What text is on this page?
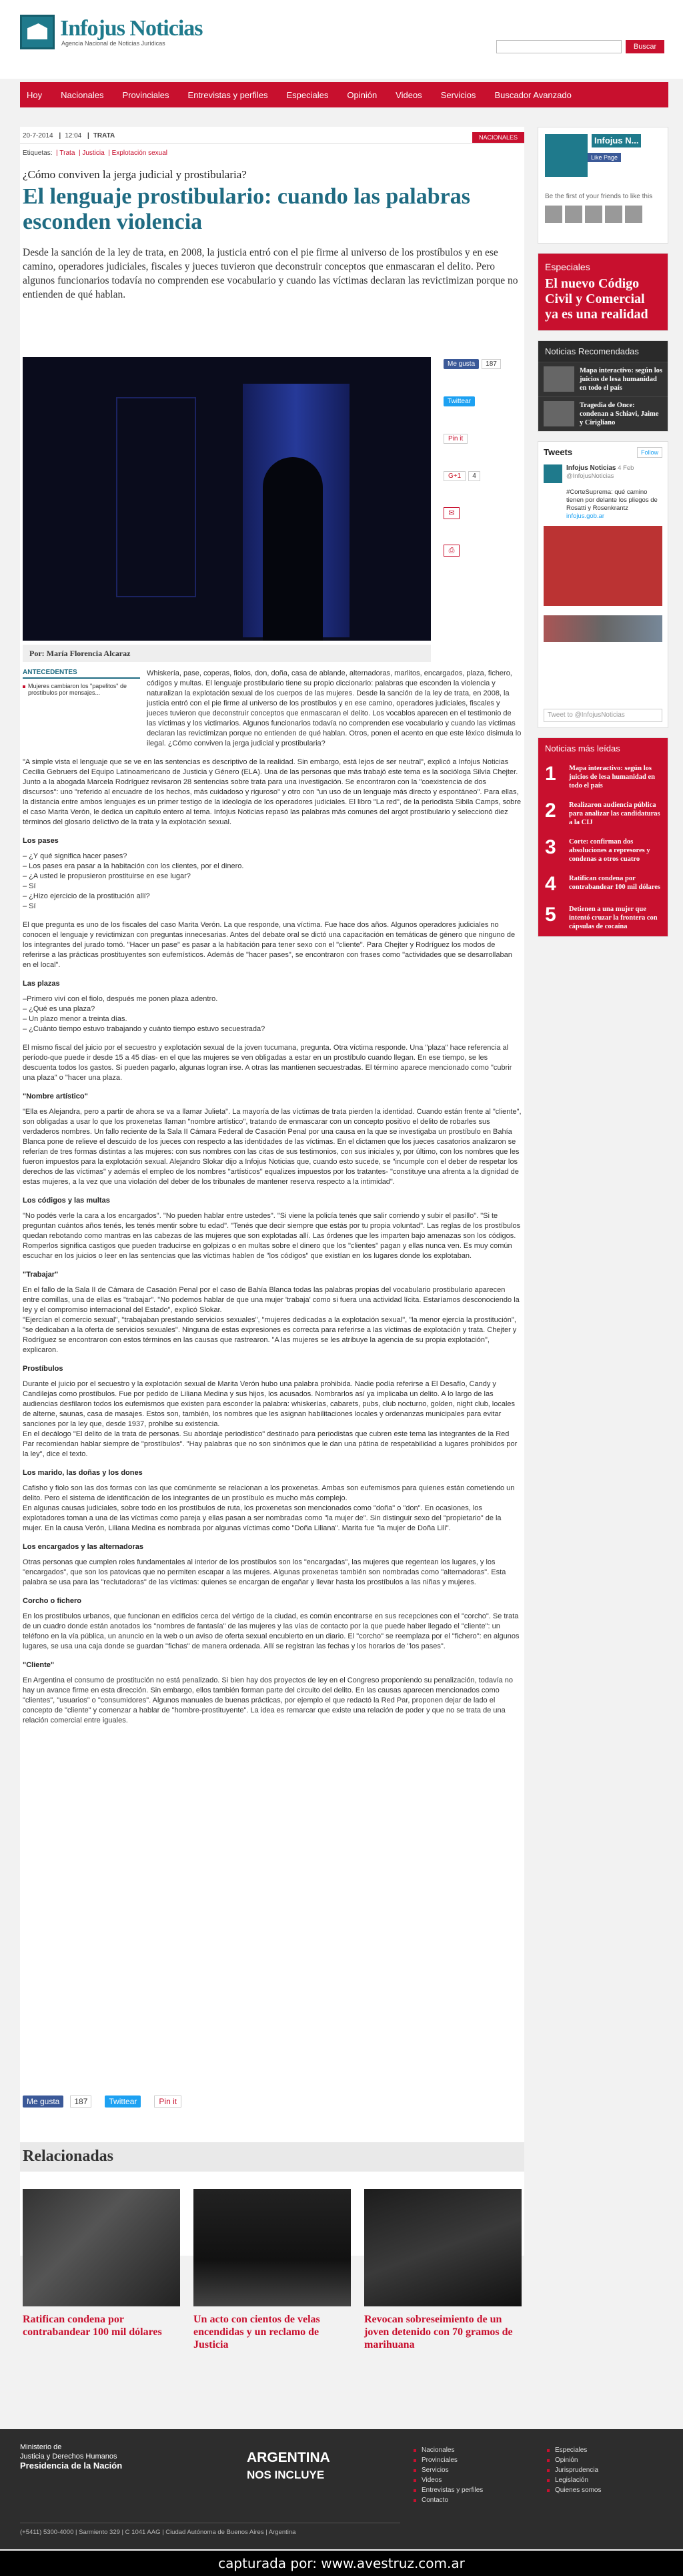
Infojus Noticias
Agencia Nacional de Noticias Jurídicas	Buscar
Hoy Nacionales Provinciales Entrevistas y perfiles Especiales Opinión Videos Servicios Buscador Avanzado
20-7-2014 | 12:04 | TRATA	NACIONALES
Etiquetas:  | Trata  | Justicia  | Explotación sexual
¿Cómo conviven la jerga judicial y prostibularia?
El lenguaje prostibulario: cuando las palabras esconden violencia
Desde la sanción de la ley de trata, en 2008, la justicia entró con el pie firme al universo de los prostíbulos y en ese camino, operadores judiciales, fiscales y jueces tuvieron que deconstruir conceptos que enmascaran el delito. Pero algunos funcionarios todavía no comprenden ese vocabulario y cuando las víctimas declaran las revictimizan porque no entienden de qué hablan.
Me gusta	187
Twittear
Pin it
G+1	4
✉
⎙
Por: María Florencia Alcaraz
ANTECEDENTES
Mujeres cambiaron los "papelitos" de prostíbulos por mensajes...

Whiskería, pase, coperas, fiolos, don, doña, casa de ablande, alternadoras, marlitos, encargados, plaza, fichero, códigos y multas. El lenguaje prostibulario tiene su propio diccionario: palabras que esconden la violencia y naturalizan la explotación sexual de los cuerpos de las mujeres. Desde la sanción de la ley de trata, en 2008, la justicia entró con el pie firme al universo de los prostíbulos y en ese camino, operadores judiciales, fiscales y jueces tuvieron que deconstruir conceptos que enmascaran el delito. Los vocablos aparecen en el testimonio de las víctimas y los victimarios. Algunos funcionarios todavía no comprenden ese vocabulario y cuando las víctimas declaran las revictimizan porque no entienden de qué hablan. Otros, ponen el acento en que este léxico disimula lo ilegal. ¿Cómo conviven la jerga judicial y prostibularia?

"A simple vista el lenguaje que se ve en las sentencias es descriptivo de la realidad. Sin embargo, está lejos de ser neutral", explicó a Infojus Noticias Cecilia Gebruers del Equipo Latinoamericano de Justicia y Género (ELA). Una de las personas que más trabajó este tema es la socióloga Silvia Chejter. Junto a la abogada Marcela Rodríguez revisaron 28 sentencias sobre trata para una investigación. Se encontraron con la "coexistencia de dos discursos": uno "referido al encuadre de los hechos, más cuidadoso y riguroso" y otro con "un uso de un lenguaje más directo y espontáneo". Para ellas, la distancia entre ambos lenguajes es un primer testigo de la ideología de los operadores judiciales. El libro "La red", de la periodista Sibila Camps, sobre el caso Marita Verón, le dedica un capítulo entero al tema. Infojus Noticias repasó las palabras más comunes del argot prostibulario y seleccionó diez términos del glosario delictivo de la trata y la explotación sexual.

Los pases

– ¿Y qué significa hacer pases?
– Los pases era pasar a la habitación con los clientes, por el dinero.
– ¿A usted le propusieron prostituirse en ese lugar?
– Sí
– ¿Hizo ejercicio de la prostitución allí?
– Sí

El que pregunta es uno de los fiscales del caso Marita Verón. La que responde, una víctima. Fue hace dos años. Algunos operadores judiciales no conocen el lenguaje y revictimizan con preguntas innecesarias. Antes del debate oral se dictó una capacitación en temáticas de género que ninguno de los integrantes del jurado tomó. "Hacer un pase" es pasar a la habitación para tener sexo con el "cliente". Para Chejter y Rodríguez los modos de referirse a las prácticas prostituyentes son eufemísticos. Además de "hacer pases", se encontraron con frases como "actividades que se desarrollaban en el local".

Las plazas

–Primero viví con el fiolo, después me ponen plaza adentro.
– ¿Qué es una plaza?
– Un plazo menor a treinta días.
– ¿Cuánto tiempo estuvo trabajando y cuánto tiempo estuvo secuestrada?

El mismo fiscal del juicio por el secuestro y explotación sexual de la joven tucumana, pregunta. Otra víctima responde. Una "plaza" hace referencia al período-que puede ir desde 15 a 45 días- en el que las mujeres se ven obligadas a estar en un prostíbulo cuando llegan. En ese tiempo, se les descuenta todos los gastos. Si pueden pagarlo, algunas logran irse. A otras las mantienen secuestradas. El término aparece mencionado como "cubrir una plaza" o "hacer una plaza.

"Nombre artístico"

"Ella es Alejandra, pero a partir de ahora se va a llamar Julieta". La mayoría de las víctimas de trata pierden la identidad. Cuando están frente al "cliente", son obligadas a usar lo que los proxenetas llaman "nombre artístico", tratando de enmascarar con un concepto positivo el delito de robarles sus verdaderos nombres. Un fallo reciente de la Sala II Cámara Federal de Casación Penal por una causa en la que se investigaba un prostíbulo en Bahía Blanca pone de relieve el descuido de los jueces con respecto a las identidades de las víctimas. En el dictamen que los jueces casatorios analizaron se referían de tres formas distintas a las mujeres: con sus nombres con las citas de sus testimonios, con sus iniciales y, por último, con los nombres que les fueron impuestos para la explotación sexual. Alejandro Slokar dijo a Infojus Noticias que, cuando esto sucede, se "incumple con el deber de respetar los derechos de las víctimas" y además el empleo de los nombres "artísticos" equalizes impuestos por los tratantes- "constituye una afrenta a la dignidad de estas mujeres, a la vez que una violación del deber de los tribunales de mantener reserva respecto a la intimidad".

Los códigos y las multas

"No podés verle la cara a los encargados". "No pueden hablar entre ustedes". "Si viene la policía tenés que salir corriendo y subir el pasillo". "Si te preguntan cuántos años tenés, les tenés mentir sobre tu edad". "Tenés que decir siempre que estás por tu propia voluntad". Las reglas de los prostíbulos quedan rebotando como mantras en las cabezas de las mujeres que son explotadas allí. Las órdenes que les imparten bajo amenazas son los códigos. Romperlos significa castigos que pueden traducirse en golpizas o en multas sobre el dinero que los "clientes" pagan y ellas nunca ven. Es muy común escuchar en los juicios o leer en las sentencias que las víctimas hablen de "los códigos" que existían en los lugares donde los explotaban.

"Trabajar"

En el fallo de la Sala II de Cámara de Casación Penal por el caso de Bahía Blanca todas las palabras propias del vocabulario prostibulario aparecen entre comillas, una de ellas es "trabajar". "No podemos hablar de que una mujer 'trabaja' como si fuera una actividad lícita. Estaríamos desconociendo la ley y el compromiso internacional del Estado", explicó Slokar.
"Ejercían el comercio sexual", "trabajaban prestando servicios sexuales", "mujeres dedicadas a la explotación sexual", "la menor ejercía la prostitución", "se dedicaban a la oferta de servicios sexuales". Ninguna de estas expresiones es correcta para referirse a las víctimas de explotación y trata. Chejter y Rodríguez se encontraron con estos términos en las causas que rastrearon. "A las mujeres se les atribuye la agencia de su propia explotación", explicaron.

Prostíbulos

Durante el juicio por el secuestro y la explotación sexual de Marita Verón hubo una palabra prohibida. Nadie podía referirse a El Desafío, Candy y Candilejas como prostíbulos. Fue por pedido de Liliana Medina y sus hijos, los acusados. Nombrarlos así ya implicaba un delito. A lo largo de las audiencias desfilaron todos los eufemismos que existen para esconder la palabra: whiskerías, cabarets, pubs, club nocturno, golden, night club, locales de alterne, saunas, casa de masajes. Estos son, también, los nombres que les asignan habilitaciones locales y ordenanzas municipales para evitar sanciones por la ley que, desde 1937, prohíbe su existencia.
En el decálogo "El delito de la trata de personas. Su abordaje periodístico" destinado para periodistas que cubren este tema las integrantes de la Red Par recomiendan hablar siempre de "prostíbulos". "Hay palabras que no son sinónimos que le dan una pátina de respetabilidad a lugares prohibidos por la ley", dice el texto.

Los marido, las doñas y los dones

Cafisho y fiolo son las dos formas con las que comúnmente se relacionan a los proxenetas. Ambas son eufemismos para quienes están cometiendo un delito. Pero el sistema de identificación de los integrantes de un prostíbulo es mucho más complejo.
En algunas causas judiciales, sobre todo en los prostíbulos de ruta, los proxenetas son mencionados como "doña" o "don". En ocasiones, los explotadores toman a una de las víctimas como pareja y ellas pasan a ser nombradas como "la mujer de". Sin distinguir sexo del "propietario" de la mujer. En la causa Verón, Liliana Medina es nombrada por algunas víctimas como "Doña Liliana". Marita fue "la mujer de Doña Lili".

Los encargados y las alternadoras

Otras personas que cumplen roles fundamentales al interior de los prostíbulos son los "encargadas", las mujeres que regentean los lugares, y los "encargados", que son los patovicas que no permiten escapar a las mujeres. Algunas proxenetas también son nombradas como "alternadoras". Esta palabra se usa para las "reclutadoras" de las víctimas: quienes se encargan de engañar y llevar hasta los prostíbulos a las niñas y mujeres.

Corcho o fichero

En los prostíbulos urbanos, que funcionan en edificios cerca del vértigo de la ciudad, es común encontrarse en sus recepciones con el "corcho". Se trata de un cuadro donde están anotados los "nombres de fantasía" de las mujeres y las vías de contacto por la que puede haber llegado el "cliente": un teléfono en la vía pública, un anuncio en la web o un aviso de oferta sexual encubierto en un diario. El "corcho" se reemplaza por el "fichero": en algunos lugares, se usa una caja donde se guardan "fichas" de manera ordenada. Allí se registran las fechas y los horarios de "los pases".

"Cliente"

En Argentina el consumo de prostitución no está penalizado. Si bien hay dos proyectos de ley en el Congreso proponiendo su penalización, todavía no hay un avance firme en esta dirección. Sin embargo, ellos también forman parte del circuito del delito. En las causas aparecen mencionados como "clientes", "usuarios" o "consumidores". Algunos manuales de buenas prácticas, por ejemplo el que redactó la Red Par, proponen dejar de lado el concepto de "cliente" y comenzar a hablar de "hombre-prostituyente". La idea es remarcar que existe una relación de poder y que no se trata de una relación comercial entre iguales.

Me gusta	187	Twittear	Pin it
Relacionadas
Ratifican condena por contrabandear 100 mil dólares
Un acto con cientos de velas encendidas y un reclamo de Justicia
Revocan sobreseimiento de un joven detenido con 70 gramos de marihuana
Infojus N...
Like Page
Be the first of your friends to like this
Especiales
El nuevo Código Civil y Comercial ya es una realidad
Noticias Recomendadas
Mapa interactivo: según los juicios de lesa humanidad en todo el país
Tragedia de Once: condenan a Schiavi, Jaime y Cirigliano
Tweets	Follow
Infojus Noticias 4 Feb
@InfojusNoticias

#CorteSuprema: qué camino tienen por delante los pliegos de Rosatti y Rosenkrantz infojus.gob.ar
Tweet to @InfojusNoticias
Noticias más leídas
1	Mapa interactivo: según los juicios de lesa humanidad en todo el país
2	Realizaron audiencia pública para analizar las candidaturas a la CIJ
3	Corte: confirman dos absoluciones a represores y condenas a otros cuatro
4	Ratifican condena por contrabandear 100 mil dólares
5	Detienen a una mujer que intentó cruzar la frontera con cápsulas de cocaína
Ministerio de
Justicia y Derechos Humanos
Presidencia de la Nación
ARGENTINA
NOS INCLUYE
Nacionales	Especiales
Provinciales	Opinión
Servicios	Jurisprudencia
Videos	Legislación
Entrevistas y perfiles	Quienes somos
Contacto
(+5411) 5300-4000 | Sarmiento 329 | C 1041 AAG | Ciudad Autónoma de Buenos Aires | Argentina
capturada por: www.avestruz.com.ar
